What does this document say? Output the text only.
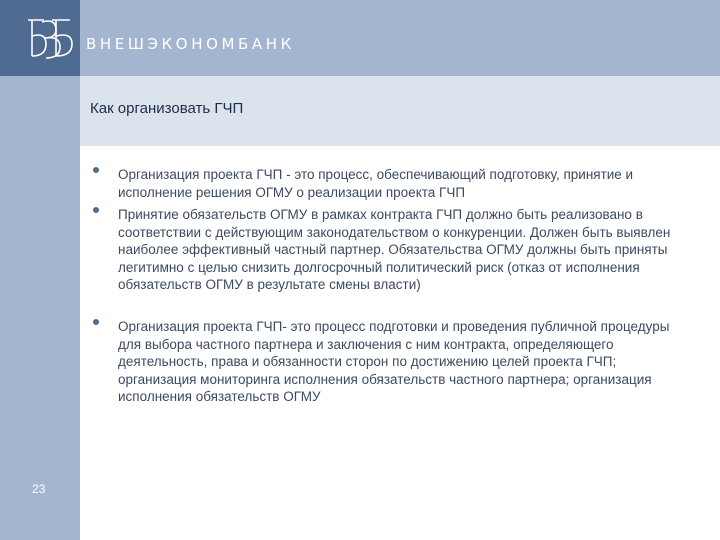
ВНЕШЭКОНОМБАНК
Как организовать ГЧП

Организация проекта ГЧП - это процесс, обеспечивающий подготовку, принятие и исполнение решения ОГМУ о реализации проекта ГЧП

Принятие обязательств ОГМУ в рамках контракта ГЧП должно быть реализовано в соответствии с действующим законодательством о конкуренции. Должен быть выявлен наиболее эффективный частный партнер. Обязательства ОГМУ должны быть приняты легитимно с целью снизить долгосрочный политический риск (отказ от исполнения обязательств ОГМУ в результате смены власти)

Организация проекта ГЧП- это процесс подготовки и проведения публичной процедуры для выбора частного партнера и заключения с ним контракта, определяющего деятельность, права и обязанности сторон по достижению целей проекта ГЧП; организация мониторинга исполнения обязательств частного партнера; организация исполнения обязательств ОГМУ

23
